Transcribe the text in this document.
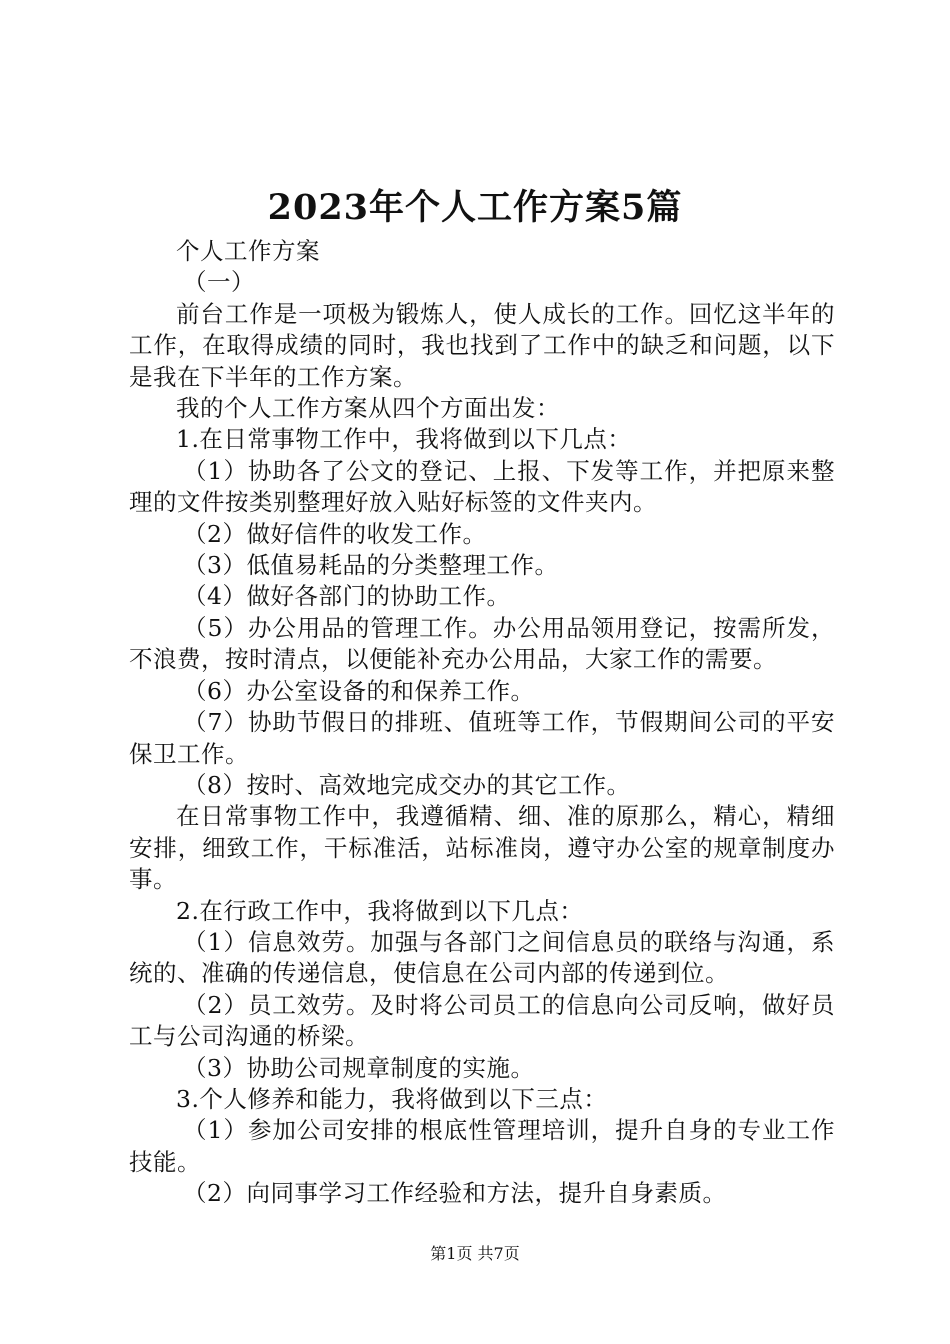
2023年个人工作方案5篇

个人工作方案

（一）

前台工作是一项极为锻炼人，使人成长的工作。回忆这半年的工作，在取得成绩的同时，我也找到了工作中的缺乏和问题，以下是我在下半年的工作方案。

我的个人工作方案从四个方面出发：

1.在日常事物工作中，我将做到以下几点：

（1）协助各了公文的登记、上报、下发等工作，并把原来整理的文件按类别整理好放入贴好标签的文件夹内。

（2）做好信件的收发工作。

（3）低值易耗品的分类整理工作。

（4）做好各部门的协助工作。

（5）办公用品的管理工作。办公用品领用登记，按需所发，不浪费，按时清点，以便能补充办公用品，大家工作的需要。

（6）办公室设备的和保养工作。

（7）协助节假日的排班、值班等工作，节假期间公司的平安保卫工作。

（8）按时、高效地完成交办的其它工作。

在日常事物工作中，我遵循精、细、准的原那么，精心，精细安排，细致工作，干标准活，站标准岗，遵守办公室的规章制度办事。

2.在行政工作中，我将做到以下几点：

（1）信息效劳。加强与各部门之间信息员的联络与沟通，系统的、准确的传递信息，使信息在公司内部的传递到位。

（2）员工效劳。及时将公司员工的信息向公司反响，做好员工与公司沟通的桥梁。

（3）协助公司规章制度的实施。

3.个人修养和能力，我将做到以下三点：

（1）参加公司安排的根底性管理培训，提升自身的专业工作技能。

（2）向同事学习工作经验和方法，提升自身素质。

第1页 共7页
